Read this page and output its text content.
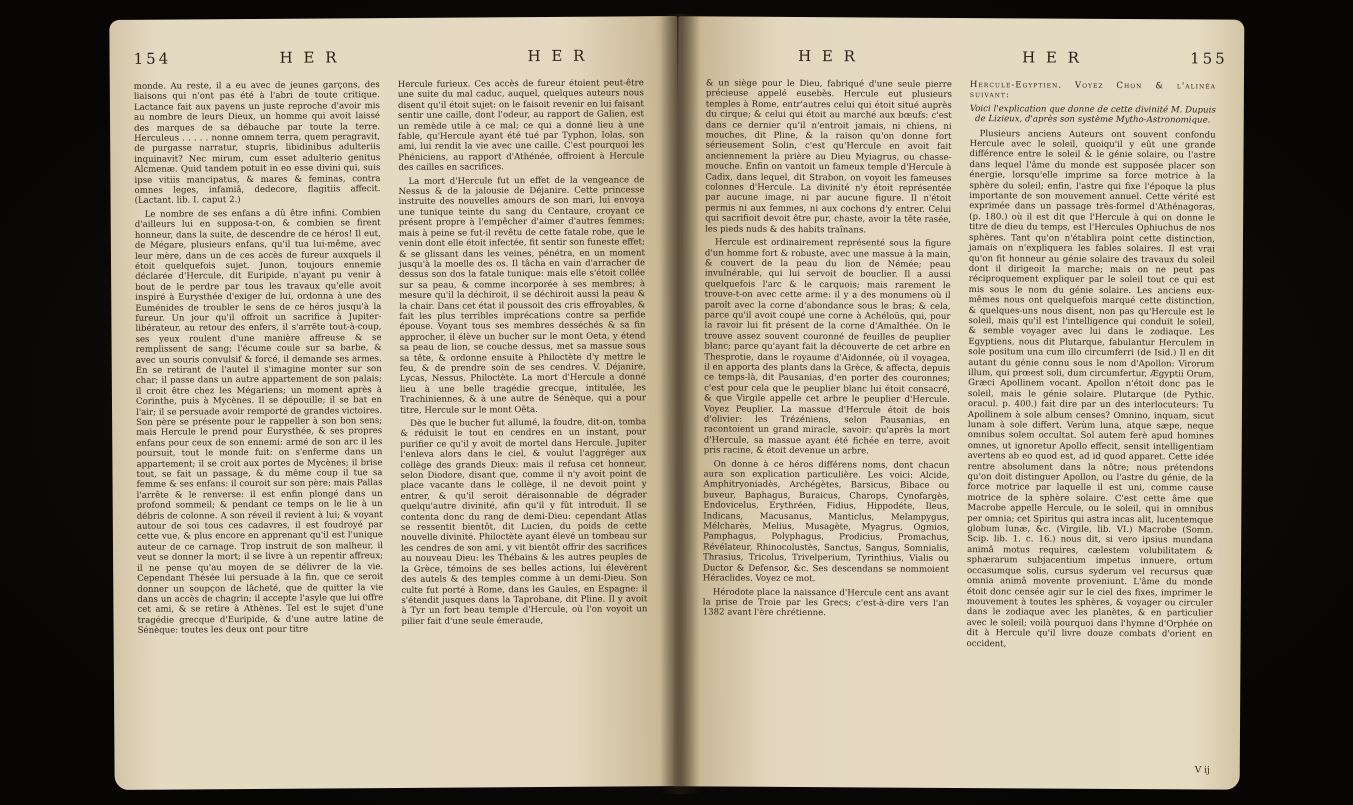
154	H E R	H E R

monde. Au reste, il a eu avec de jeunes garçons, des liaisons qui n'ont pas été à l'abri de toute critique. Lactance fait aux payens un juste reproche d'avoir mis au nombre de leurs Dieux, un homme qui avoit laissé des marques de sa débauche par toute la terre. Herculeus . . . . . nonne omnem terra, quem peragravit, de purgasse narratur, stupris, libidinibus adulteriis inquinavit? Nec mirum, cum esset adulterio genitus Alcmenæ. Quid tandem potuit in eo esse divini qui, suis ipse vitiis mancipatus, & mares & feminas, contra omnes leges, infamiâ, dedecore, flagitiis affecit. (Lactant. lib. I. caput 2.)

Le nombre de ses enfans a dû être infini. Combien d'ailleurs lui en supposa-t-on, & combien se firent honneur, dans la suite, de descendre de ce héros! Il eut, de Mégare, plusieurs enfans, qu'il tua lui-même, avec leur mère, dans un de ces accès de fureur auxquels il étoit quelquefois sujet. Junon, toujours ennemie déclarée d'Hercule, dit Euripide, n'ayant pu venir à bout de le perdre par tous les travaux qu'elle avoit inspiré à Eurysthée d'exiger de lui, ordonna à une des Euménides de troubler le sens de ce héros jusqu'à la fureur. Un jour qu'il offroit un sacrifice à Jupiter-libérateur, au retour des enfers, il s'arrête tout-à-coup, ses yeux roulent d'une manière affreuse & se remplissent de sang; l'écume coule sur sa barbe, & avec un souris convulsif & forcé, il demande ses armes. En se retirant de l'autel il s'imagine monter sur son char; il passe dans un autre appartement de son palais; il croit être chez les Mégariens; un moment après à Corinthe, puis à Mycènes. Il se dépouille; il se bat en l'air; il se persuade avoir remporté de grandes victoires. Son père se présente pour le rappeller à son bon sens; mais Hercule le prend pour Eurysthée, & ses propres enfans pour ceux de son ennemi: armé de son arc il les poursuit, tout le monde fuit: on s'enferme dans un appartement; il se croit aux portes de Mycènes; il brise tout, se fait un passage, & du même coup il tue sa femme & ses enfans: il couroit sur son père; mais Pallas l'arrête & le renverse: il est enfin plongé dans un profond sommeil; & pendant ce temps on le lie à un débris de colonne. A son réveil il revient à lui; & voyant autour de soi tous ces cadavres, il est foudroyé par cette vue, & plus encore en apprenant qu'il est l'unique auteur de ce carnage. Trop instruit de son malheur, il veut se donner la mort; il se livre à un repentir affreux; il ne pense qu'au moyen de se délivrer de la vie. Cependant Thésée lui persuade à la fin, que ce seroit donner un soupçon de lâcheté, que de quitter la vie dans un accès de chagrin; il accepte l'asyle que lui offre cet ami, & se retire à Athènes. Tel est le sujet d'une tragédie grecque d'Euripide, & d'une autre latine de Sénèque: toutes les deux ont pour titre

Hercule furieux. Ces accès de fureur étoient peut-être une suite du mal caduc, auquel, quelques auteurs nous disent qu'il étoit sujet: on le faisoit revenir en lui faisant sentir une caille, dont l'odeur, au rapport de Galien, est un remède utile à ce mal; ce qui a donné lieu à une fable, qu'Hercule ayant été tué par Typhon, Iolas, son ami, lui rendit la vie avec une caille. C'est pourquoi les Phéniciens, au rapport d'Athénée, offroient à Hercule des cailles en sacrifices.

La mort d'Hercule fut un effet de la vengeance de Nessus & de la jalousie de Déjanire. Cette princesse instruite des nouvelles amours de son mari, lui envoya une tunique teinte du sang du Centaure, croyant ce présent propre à l'empêcher d'aimer d'autres femmes; mais à peine se fut-il revêtu de cette fatale robe, que le venin dont elle étoit infectée, fit sentir son funeste effet; & se glissant dans les veines, pénétra, en un moment jusqu'à la moelle des os. Il tâcha en vain d'arracher de dessus son dos la fatale tunique: mais elle s'étoit collée sur sa peau, & comme incorporée à ses membres; à mesure qu'il la déchiroit, il se déchiroit aussi la peau & la chair. Dans cet état il poussoit des cris effroyables, & fait les plus terribles imprécations contre sa perfide épouse. Voyant tous ses membres desséchés & sa fin approcher, il élève un bucher sur le mont Oeta, y étend sa peau de lion, se couche dessus, met sa massue sous sa tête, & ordonne ensuite à Philoctète d'y mettre le feu, & de prendre soin de ses cendres. V. Déjanire, Lycas, Nessus, Philoctète. La mort d'Hercule a donné lieu à une belle tragédie grecque, intitulée, les Trachiniennes, & à une autre de Sénèque, qui a pour titre, Hercule sur le mont Oëta.

Dès que le bucher fut allumé, la foudre, dit-on, tomba & réduisit le tout en cendres en un instant, pour purifier ce qu'il y avoit de mortel dans Hercule. Jupiter l'enleva alors dans le ciel, & voulut l'aggréger aux collège des grands Dieux: mais il refusa cet honneur, selon Diodore, disant que, comme il n'y avoit point de place vacante dans le collège, il ne devoit point y entrer, & qu'il seroit déraisonnable de dégrader quelqu'autre divinité, afin qu'il y fût introduit. Il se contenta donc du rang de demi-Dieu: cependant Atlas se ressentit bientôt, dit Lucien, du poids de cette nouvelle divinité. Philoctète ayant élevé un tombeau sur les cendres de son ami, y vit bientôt offrir des sacrifices au nouveau Dieu: les Thébains & les autres peuples de la Grèce, témoins de ses belles actions, lui élevèrent des autels & des temples comme à un demi-Dieu. Son culte fut porté à Rome, dans les Gaules, en Espagne: il s'étendit jusques dans la Taprobane, dit Pline. Il y avoit à Tyr un fort beau temple d'Hercule, où l'on voyoit un pilier fait d'une seule émeraude,

H E R	H E R	155

& un siège pour le Dieu, fabriqué d'une seule pierre précieuse appelé eusebès. Hercule eut plusieurs temples à Rome, entr'autres celui qui étoit situé auprès du cirque; & celui qui étoit au marché aux bœufs: c'est dans ce dernier qu'il n'entroit jamais, ni chiens, ni mouches, dit Pline, & la raison qu'on donne fort sérieusement Solin, c'est qu'Hercule en avoit fait anciennement la prière au Dieu Myiagrus, ou chasse-mouche. Enfin on vantoit un fameux temple d'Hercule à Cadix, dans lequel, dit Strabon, on voyoit les fameuses colonnes d'Hercule. La divinité n'y étoit représentée par aucune image, ni par aucune figure. Il n'étoit permis ni aux femmes, ni aux cochons d'y entrer. Celui qui sacrifioit devoit être pur, chaste, avoir la tête rasée, les pieds nuds & des habits traînans.

Hercule est ordinairement représenté sous la figure d'un homme fort & robuste, avec une massue à la main, & couvert de la peau du lion de Némée; peau invulnérable, qui lui servoit de bouclier. Il a aussi quelquefois l'arc & le carquois; mais rarement le trouve-t-on avec cette arme: il y a des monumens où il paroît avec la corne d'abondance sous le bras; & cela, parce qu'il avoit coupé une corne à Achéloüs, qui, pour la ravoir lui fit présent de la corne d'Amalthée. On le trouve assez souvent couronné de feuilles de peuplier blanc; parce qu'ayant fait la découverte de cet arbre en Thesprotie, dans le royaume d'Aidonnée, où il voyagea, il en apporta des plants dans la Grèce, & affecta, depuis ce temps-là, dit Pausanias, d'en porter des couronnes; c'est pour cela que le peuplier blanc lui étoit consacré, & que Virgile appelle cet arbre le peuplier d'Hercule. Voyez Peuplier. La massue d'Hercule étoit de bois d'olivier: les Trézéniens, selon Pausanias, en racontoient un grand miracle, savoir: qu'après la mort d'Hercule, sa massue ayant été fichée en terre, avoit pris racine, & étoit devenue un arbre.

On donne à ce héros différens noms, dont chacun aura son explication particulière. Les voici: Alcide, Amphitryoniadès, Archégètes, Barsicus, Bibace ou buveur, Baphagus, Buraicus, Charops, Cynofargès, Endovicelus, Erythréen, Fidius, Hippodéte, Ileus, Indicans, Macusanus, Manticlus, Melampygus, Mélcharès, Melius, Musagète, Myagrus, Ogmios, Pamphagus, Polyphagus, Prodicius, Promachus, Révélateur, Rhinocolustès, Sanctus, Sangus, Somnialis, Thrasius, Tricolus, Trivelperium, Tyrinthius, Vialis ou Ductor & Defensor, &c. Ses descendans se nommoient Héraclides. Voyez ce mot.

Hérodote place la naissance d'Hercule cent ans avant la prise de Troie par les Grecs; c'est-à-dire vers l'an 1382 avant l'ère chrétienne.

Hercule-Egyptien. Voyez Chon & l'alinéa suivant:

Voici l'explication que donne de cette divinité M. Dupuis de Lizieux, d'après son système Mytho-Astronomique.

Plusieurs anciens Auteurs ont souvent confondu Hercule avec le soleil, quoiqu'il y eût une grande différence entre le soleil & le génie solaire, ou l'astre dans lequel l'âme du monde est supposée placer son énergie, lorsqu'elle imprime sa force motrice à la sphère du soleil; enfin, l'astre qui fixe l'époque la plus importante de son mouvement annuel. Cette vérité est exprimée dans un passage très-formel d'Athénagoras, (p. 180.) où il est dit que l'Hercule à qui on donne le titre de dieu du temps, est l'Hercules Ophiuchus de nos sphères. Tant qu'on n'établira point cette distinction, jamais on n'expliquera les fables solaires. Il est vrai qu'on fit honneur au génie solaire des travaux du soleil dont il dirigeoit la marche; mais on ne peut pas réciproquement expliquer par le soleil tout ce qui est mis sous le nom du génie solaire. Les anciens eux-mêmes nous ont quelquefois marqué cette distinction, & quelques-uns nous disent, non pas qu'Hercule est le soleil, mais qu'il est l'intelligence qui conduit le soleil, & semble voyager avec lui dans le zodiaque. Les Egyptiens, nous dit Plutarque, fabulantur Herculem in sole positum una cum illo circumferri (de Isid.) Il en dit autant du génie connu sous le nom d'Apollon: Virorum illum, qui prœest soli, dum circumfertur, Ægyptii Orum, Græci Apollinem vocant. Apollon n'étoit donc pas le soleil, mais le génie solaire. Plutarque (de Pythic. oracul. p. 400.) fait dire par un des interlocuteurs: Tu Apollinem à sole album censes? Omnino, inquam, sicut lunam à sole differt. Verùm luna, atque sæpe, neque omnibus solem occultat. Sol autem ferè apud homines omnes, ut ignoretur Apollo effecit, sensit intelligentiam avertens ab eo quod est, ad id quod apparet. Cette idée rentre absolument dans la nôtre; nous prétendons qu'on doit distinguer Apollon, ou l'astre du génie, de la force motrice par laquelle il est uni, comme cause motrice de la sphère solaire. C'est cette âme que Macrobe appelle Hercule, ou le soleil, qui in omnibus per omnia; cet Spiritus qui astra incas alit, lucentemque globum lunæ, &c. (Virgile, lib. VI.) Macrobe (Somn. Scip. lib. 1. c. 16.) nous dit, si vero ipsius mundana animâ motus requires, cælestem volubilitatem & sphærarum subjacentium impetus innuere, ortum occasumque solis, cursus syderum vel recursus quæ omnia animâ movente proveniunt. L'âme du monde étoit donc censée agir sur le ciel des fixes, imprimer le mouvement à toutes les sphères, & voyager ou circuler dans le zodiaque avec les planètes, & en particulier avec le soleil; voilà pourquoi dans l'hymne d'Orphée on dit à Hercule qu'il livre douze combats d'orient en occident,

V ij
